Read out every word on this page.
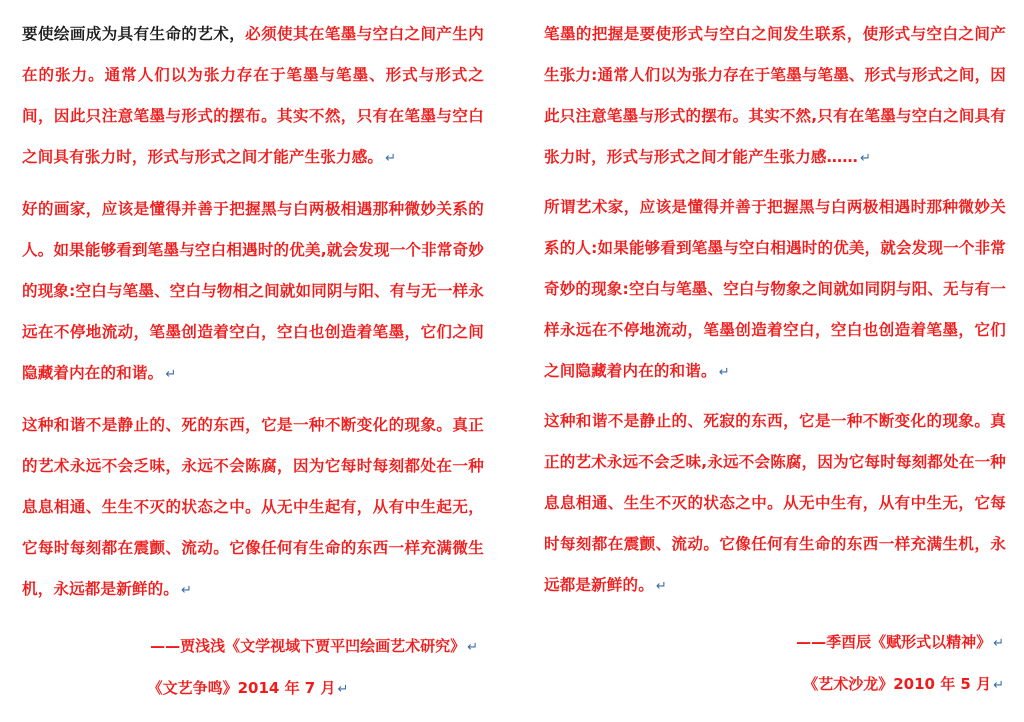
要使绘画成为具有生命的艺术，必须使其在笔墨与空白之间产生内在的张力。通常人们以为张力存在于笔墨与笔墨、形式与形式之间，因此只注意笔墨与形式的摆布。其实不然，只有在笔墨与空白之间具有张力时，形式与形式之间才能产生张力感。 ↵

好的画家，应该是懂得并善于把握黑与白两极相遇那种微妙关系的人。如果能够看到笔墨与空白相遇时的优美,就会发现一个非常奇妙的现象:空白与笔墨、空白与物相之间就如同阴与阳、有与无一样永远在不停地流动，笔墨创造着空白，空白也创造着笔墨，它们之间隐藏着内在的和谐。 ↵

这种和谐不是静止的、死的东西，它是一种不断变化的现象。真正的艺术永远不会乏味，永远不会陈腐，因为它每时每刻都处在一种息息相通、生生不灭的状态之中。从无中生起有，从有中生起无，它每时每刻都在震颤、流动。它像任何有生命的东西一样充满微生机，永远都是新鲜的。 ↵

——贾浅浅《文学视域下贾平凹绘画艺术研究》 ↵

《文艺争鸣》2014 年 7 月 ↵

笔墨的把握是要使形式与空白之间发生联系，使形式与空白之间产生张力:通常人们以为张力存在于笔墨与笔墨、形式与形式之间，因此只注意笔墨与形式的摆布。其实不然,只有在笔墨与空白之间具有张力时，形式与形式之间才能产生张力感…… ↵

所谓艺术家，应该是懂得并善于把握黑与白两极相遇时那种微妙关系的人:如果能够看到笔墨与空白相遇时的优美，就会发现一个非常奇妙的现象:空白与笔墨、空白与物象之间就如同阴与阳、无与有一样永远在不停地流动，笔墨创造着空白，空白也创造着笔墨，它们之间隐藏着内在的和谐。 ↵

这种和谐不是静止的、死寂的东西，它是一种不断变化的现象。真正的艺术永远不会乏味,永远不会陈腐，因为它每时每刻都处在一种息息相通、生生不灭的状态之中。从无中生有，从有中生无，它每时每刻都在震颤、流动。它像任何有生命的东西一样充满生机，永远都是新鲜的。 ↵

——季酉辰《赋形式以精神》 ↵

《艺术沙龙》2010 年 5 月 ↵
